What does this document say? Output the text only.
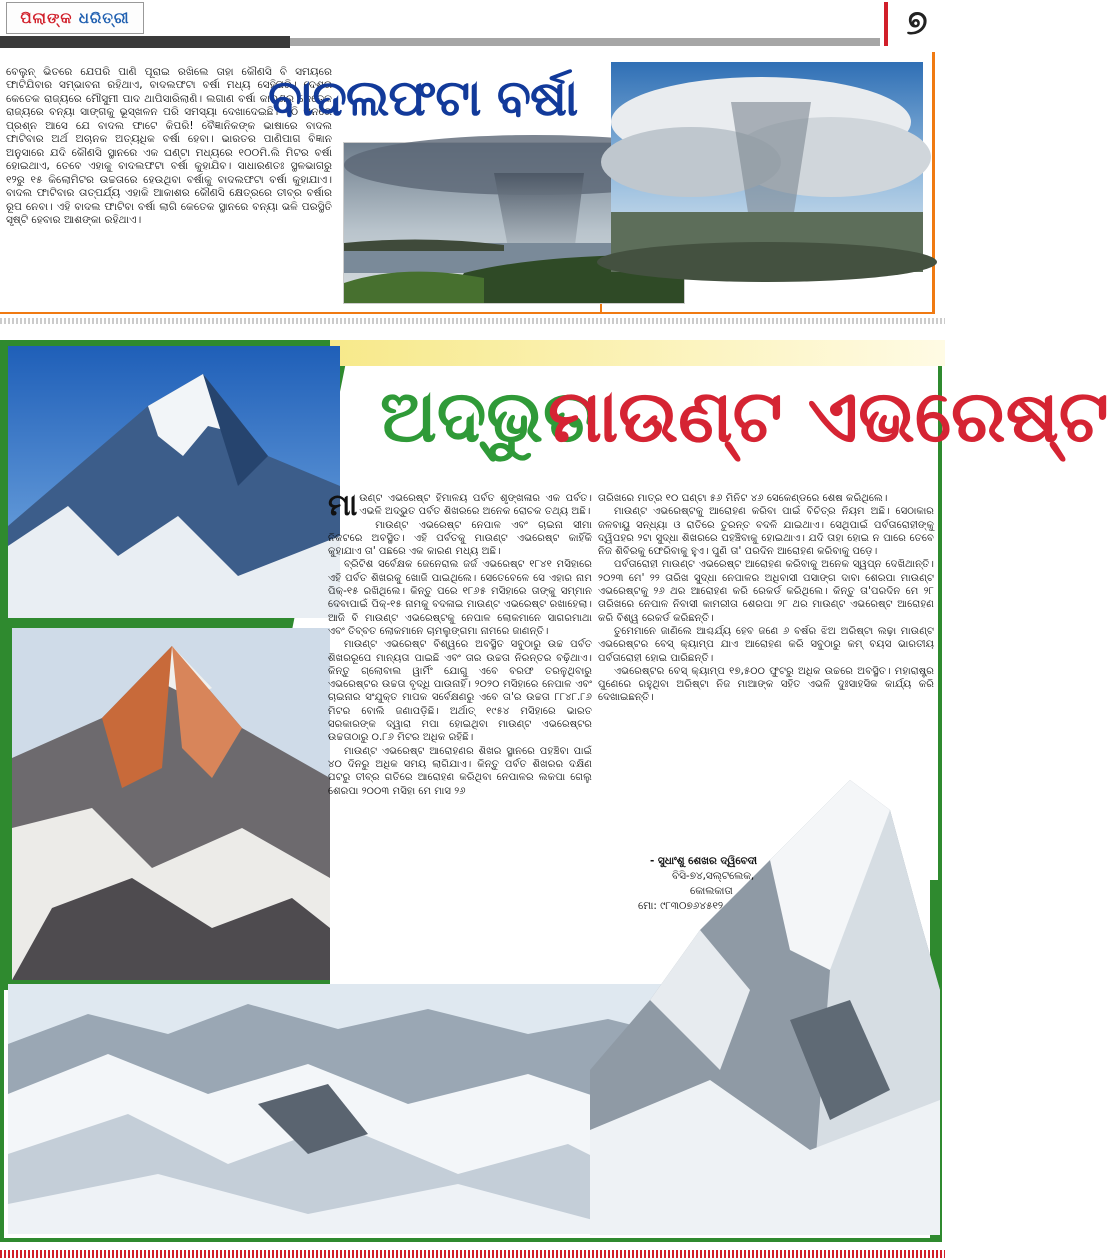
ପିଲାଙ୍କ ଧରିତ୍ରୀ	୭
ବେଲୁନ୍ ଭିତରେ ଯେପରି ପାଣି ପୂରାଇ ରଖିଲେ ତାହା କୌଣସି ବି ସମୟରେ ଫାଟିଯିବାର ସମ୍ଭାବନା ରହିଥାଏ, ବାଦଲଫଟା ବର୍ଷା ମଧ୍ୟ ସେହିପରି। ଦେଶର କେତେକ ରାଜ୍ୟରେ ମୌସୁମୀ ପାଦ ଥାପିସାରିଲାଣି। ଲଗାଣ ବର୍ଷା କାରଣରୁ କେତେକ ରାଜ୍ୟରେ ବନ୍ୟା ସାଙ୍ଗକୁ ଭୂସ୍ଖଳନ ପରି ସମସ୍ୟା ଦେଖାଦେଇଛି। ଏଠି ମନରେ ପ୍ରଶ୍ନ ଆସେ ଯେ ବାଦଲ ଫାଟେ କିପରି! ବୈଜ୍ଞାନିକଙ୍କ ଭାଷାରେ ବାଦଲ ଫାଟିବାର ଅର୍ଥ ଅଚାନକ ଅତ୍ୟଧିକ ବର୍ଷା ହେବା। ଭାରତର ପାଣିପାଗ ବିଜ୍ଞାନ ଅନୁସାରେ ଯଦି କୌଣସି ସ୍ଥାନରେ ଏକ ଘଣ୍ଟା ମଧ୍ୟରେ ୧୦୦ମି.ଲି ମିଟର ବର୍ଷା ହୋଇଥାଏ, ତେବେ ଏହାକୁ ବାଦଲଫଟା ବର୍ଷା କୁହାଯିବ। ସାଧାରଣତଃ ସ୍ଥଳଭାଗରୁ ୧୨ରୁ ୧୫ କିଲୋମିଟର ଉଚ୍ଚତାରେ ହେଉଥିବା ବର୍ଷାକୁ ବାଦଲଫଟା ବର୍ଷା କୁହାଯାଏ। ବାଦଲ ଫାଟିବାର ତାତ୍ପର୍ଯ୍ୟ ଏହାକି ଆକାଶର କୌଣସି କ୍ଷେତ୍ରରେ ତୀବ୍ର ବର୍ଷାର ରୂପ ନେବା। ଏହି ବାଦଲ ଫାଟିବା ବର୍ଷା ଲାଗି କେତେକ ସ୍ଥାନରେ ବନ୍ୟା ଭଳି ପରସ୍ଥିତି ସୃଷ୍ଟି ହେବାର ଆଶଙ୍କା ରହିଥାଏ।
ବାଦଲଫଟା ବର୍ଷା
ଅଦ୍ଭୁତ
ମାଉଣ୍ଟ ଏଭରେଷ୍ଟ

ମାଉଣ୍ଟ ଏଭରେଷ୍ଟ ହିମାଳୟ ପର୍ବତ ଶୃଙ୍ଖଳାର ଏକ ପର୍ବତ। ଏଭଳି ଅଦ୍ଭୁତ ପର୍ବତ ଶିଖରରେ ଅନେକ ରୋଚକ ତଥ୍ୟ ଅଛି।

ମାଉଣ୍ଟ ଏଭରେଷ୍ଟ ନେପାଳ ଏବଂ ଚାଇନା ସୀମା ନିକଟରେ ଅବସ୍ଥିତ। ଏହି ପର୍ବତକୁ ମାଉଣ୍ଟ ଏଭରେଷ୍ଟ କାହିଁକି କୁହାଯାଏ ତା' ପଛରେ ଏକ କାରଣ ମଧ୍ୟ ଅଛି।

ବ୍ରିଟିଶ ସର୍ବେକ୍ଷକ ଜେନେରାଲ ଜର୍ଜ ଏଭରେଷ୍ଟ ୧୮୪୧ ମସିହାରେ ଏହି ପର୍ବତ ଶିଖରକୁ ଖୋଜି ପାଇଥିଲେ। ସେତେବେଳେ ସେ ଏହାର ନାମ ପିକ୍-୧୫ ରଖିଥିଲେ। କିନ୍ତୁ ପରେ ୧୮୬୫ ମସିହାରେ ତାଙ୍କୁ ସମ୍ମାନ ଦେବାପାଇଁ ପିକ୍-୧୫ ନାମକୁ ବଦଳାଇ ମାଉଣ୍ଟ ଏଭରେଷ୍ଟ ରଖାହେଲା। ଆଜି ବି ମାଉଣ୍ଟ ଏଭରେଷ୍ଟକୁ ନେପାଳ ଲୋକମାନେ ସାଗରମାଥା ଏବଂ ତିବ୍ବତ ଲୋକମାନେ ଚାମଲୁଙ୍ଗମା ନାମରେ ଜାଣନ୍ତି।

ମାଉଣ୍ଟ ଏଭରେଷ୍ଟ ବିଶ୍ୱରେ ଅବସ୍ଥିତ ସବୁଠାରୁ ଉଚ୍ଚ ପର୍ବତ ଶିଖରରୂପେ ମାନ୍ୟତା ପାଇଛି ଏବଂ ତାର ଉଚ୍ଚତା ନିରନ୍ତର ବଢ଼ିଥାଏ। କିନ୍ତୁ ଗ୍ଲୋବାଲ ୱାର୍ମିଂ ଯୋଗୁ ଏବେ ବରଫ ତରଳୁଥିବାରୁ ଏଭରେଷ୍ଟର ଉଚ୍ଚତା ବୃଦ୍ଧି ପାଉନାହିଁ। ୨୦୨୦ ମସିହାରେ ନେପାଳ ଏବଂ ଚାଇନାର ସଂଯୁକ୍ତ ମାପକ ସର୍ବେକ୍ଷଣରୁ ଏବେ ତା'ର ଉଚ୍ଚତା ୮୮୪୮.୮୬ ମିଟର ବୋଲି ଜଣାପଡ଼ିଛି। ଅର୍ଥାତ୍ ୧୯୫୪ ମସିହାରେ ଭାରତ ସରକାରଙ୍କ ଦ୍ୱାରା ମପା ହୋଇଥିବା ମାଉଣ୍ଟ ଏଭରେଷ୍ଟର ଉଚ୍ଚତାଠାରୁ ୦.୮୬ ମିଟର ଅଧିକ ରହିଛି।

ମାଉଣ୍ଟ ଏଭରେଷ୍ଟ ଆରୋହଣର ଶିଖର ସ୍ଥାନରେ ପହଞ୍ଚିବା ପାଇଁ ୪୦ ଦିନରୁ ଅଧିକ ସମୟ ଲାଗିଯାଏ। କିନ୍ତୁ ପର୍ବତ ଶିଖରର ଦକ୍ଷିଣ ପଟରୁ ତୀବ୍ର ଗତିରେ ଆରୋହଣ କରିଥିବା ନେପାଳର ଲକପା ଗେଲୁ ଶେରପା ୨୦୦୩ ମସିହା ମେ ମାସ ୨୬

ତାରିଖରେ ମାତ୍ର ୧୦ ଘଣ୍ଟା ୫୬ ମିନିଟ ୪୬ ସେକେଣ୍ଡରେ ଶେଷ କରିଥିଲେ।

ମାଉଣ୍ଟ ଏଭରେଷ୍ଟକୁ ଆରୋହଣ କରିବା ପାଇଁ ବିଚିତ୍ର ନିୟମ ଅଛି। ସେଠାକାର ଜଳବାୟୁ ସନ୍ଧ୍ୟା ଓ ରାତିରେ ତୁରନ୍ତ ବଦଳି ଯାଇଥାଏ। ସେଥିପାଇଁ ପର୍ବତାରୋହୀଙ୍କୁ ଦ୍ୱିପହର ୨ଟା ସୁଦ୍ଧା ଶିଖରରେ ପହଞ୍ଚିବାକୁ ହୋଇଥାଏ। ଯଦି ତାହା ହୋଇ ନ ପାରେ ତେବେ ନିଜ ଶିବିରକୁ ଫେରିବାକୁ ହୁଏ। ପୁଣି ତା' ପରଦିନ ଆରୋହଣ କରିବାକୁ ପଡ଼େ।

ପର୍ବତାରୋହୀ ମାଉଣ୍ଟ ଏଭରେଷ୍ଟ ଆରୋହଣ କରିବାକୁ ଅନେକ ସ୍ୱପ୍ନ ଦେଖିଥାନ୍ତି। ୨୦୨୩ ମେ' ୨୨ ତାରିଖ ସୁଦ୍ଧା ନେପାଳର ଅଧିବାସୀ ପସାଙ୍ଗ ଦାବା ଶେରପା ମାଉଣ୍ଟ ଏଭରେଷ୍ଟକୁ ୨୬ ଥର ଆରୋହଣ କରି ରେକର୍ଡ କରିଥିଲେ। କିନ୍ତୁ ତା'ପରଦିନ ମେ ୨୮ ତାରିଖରେ ନେପାଳ ନିବାସୀ କାମରୀତା ଶେରପା ୨୮ ଥର ମାଉଣ୍ଟ ଏଭରେଷ୍ଟ ଆରୋହଣ କରି ବିଶ୍ୱ ରେକର୍ଡ କରିଛନ୍ତି।

ତୁମେମାନେ ଜାଣିଲେ ଆଶ୍ଚର୍ଯ୍ୟ ହେବ ଜଣେ ୬ ବର୍ଷର ଝିଅ ଅରିଷ୍ଟା ଲଢ଼ା ମାଉଣ୍ଟ ଏଭରେଷ୍ଟର ବେସ୍ କ୍ୟାମ୍ପ ଯାଏ ଆରୋହଣ କରି ସବୁଠାରୁ କମ୍ ବୟସ ଭାରତୀୟ ପର୍ବତାରୋହୀ ହୋଇ ପାରିଛନ୍ତି।

ଏଭରେଷ୍ଟର ବେସ୍ କ୍ୟାମ୍ପ ୧୭,୫୦୦ ଫୁଟରୁ ଅଧିକ ଉଚ୍ଚରେ ଅବସ୍ଥିତ। ମହାରାଷ୍ଟ୍ର ପୁଣେରେ ରହୁଥିବା ଅରିଷ୍ଟା ନିଜ ମାଆଙ୍କ ସହିତ ଏଭଳି ଦୁଃସାହସିକ କାର୍ଯ୍ୟ କରି ଦେଖାଇଛନ୍ତି।

- ସୁଧାଂଶୁ ଶେଖର ଦ୍ୱିବେଦୀ
ବିସି-୭୪,ସଲ୍ଟଲେକ,
କୋଲକାତା
ମୋ: ୯୮୩୦୭୬୪୫୧୨
